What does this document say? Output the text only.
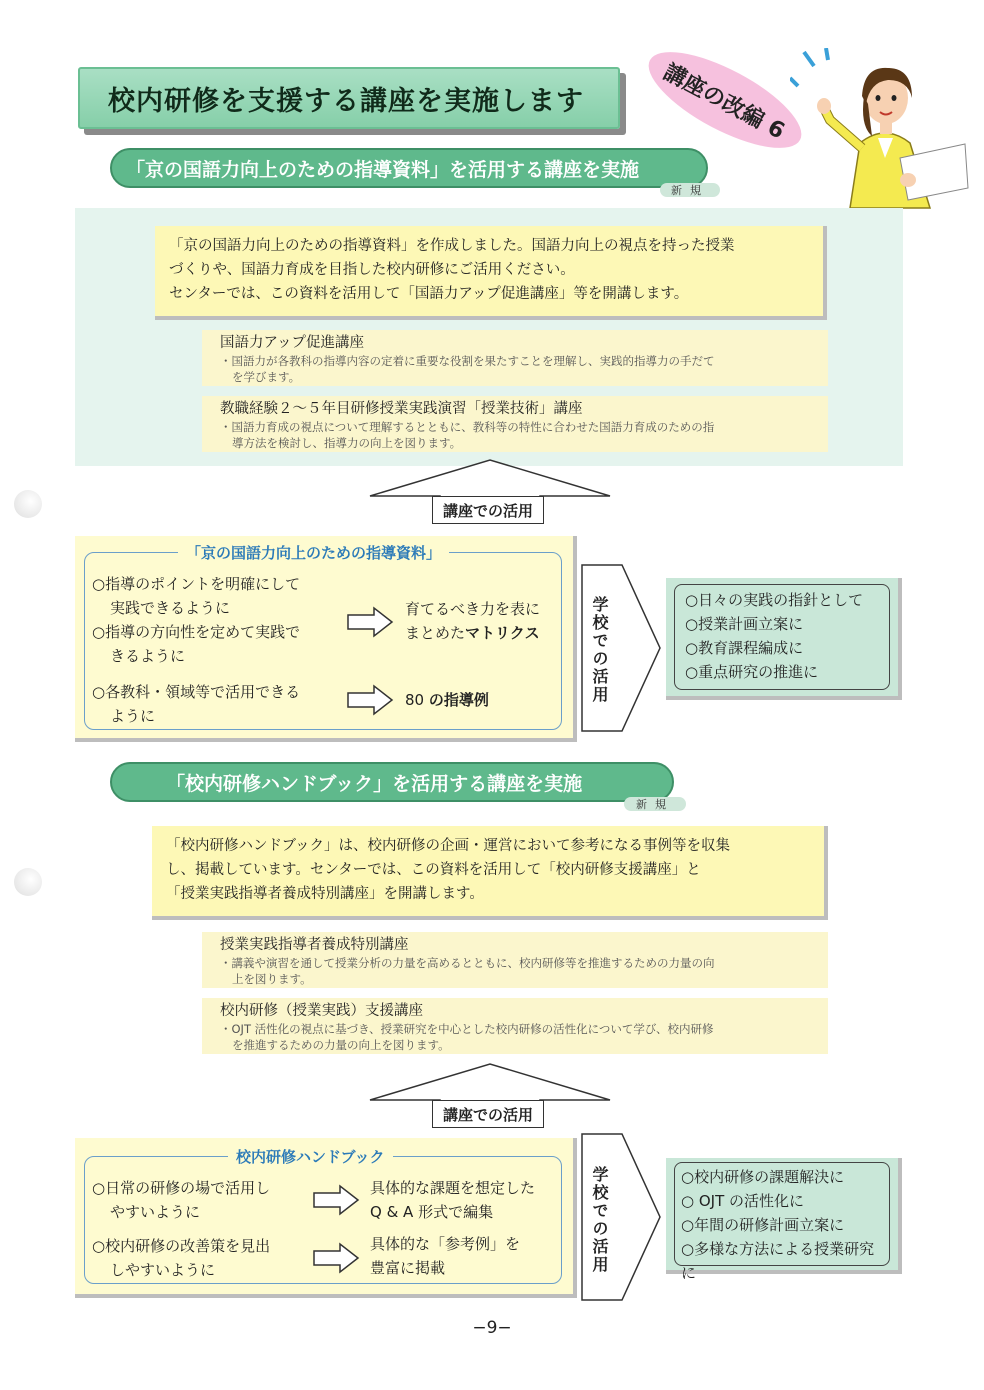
校内研修を支援する講座を実施します	講座の改編 6
「京の国語力向上のための指導資料」を活用する講座を実施
新規
「京の国語力向上のための指導資料」を作成しました。国語力向上の視点を持った授業
づくりや、国語力育成を目指した校内研修にご活用ください。
センターでは、この資料を活用して「国語力アップ促進講座」等を開講します。
国語力アップ促進講座
・国語力が各教科の指導内容の定着に重要な役割を果たすことを理解し、実践的指導力の手だて
を学びます。
教職経験２～５年目研修授業実践演習「授業技術」講座
・国語力育成の視点について理解するとともに、教科等の特性に合わせた国語力育成のための指
導方法を検討し、指導力の向上を図ります。
講座での活用
「京の国語力向上のための指導資料」
○指導のポイントを明確にして
実践できるように
○指導の方向性を定めて実践で
きるように
○各教科・領域等で活用できる
ように
育てるべき力を表に
まとめたマトリクス
80 の指導例	学校での活用	○日々の実践の指針として
○授業計画立案に
○教育課程編成に
○重点研究の推進に
「校内研修ハンドブック」を活用する講座を実施
新規
「校内研修ハンドブック」は、校内研修の企画・運営において参考になる事例等を収集
し、掲載しています。センターでは、この資料を活用して「校内研修支援講座」と
「授業実践指導者養成特別講座」を開講します。
授業実践指導者養成特別講座
・講義や演習を通して授業分析の力量を高めるとともに、校内研修等を推進するための力量の向
上を図ります。
校内研修（授業実践）支援講座
・OJT 活性化の視点に基づき、授業研究を中心とした校内研修の活性化について学び、校内研修
を推進するための力量の向上を図ります。
講座での活用
校内研修ハンドブック
○日常の研修の場で活用し
やすいように
○校内研修の改善策を見出
しやすいように
具体的な課題を想定した
Q & A 形式で編集
具体的な「参考例」を
豊富に掲載	学校での活用	○校内研修の課題解決に
○ OJT の活性化に
○年間の研修計画立案に
○多様な方法による授業研究に
−9−
